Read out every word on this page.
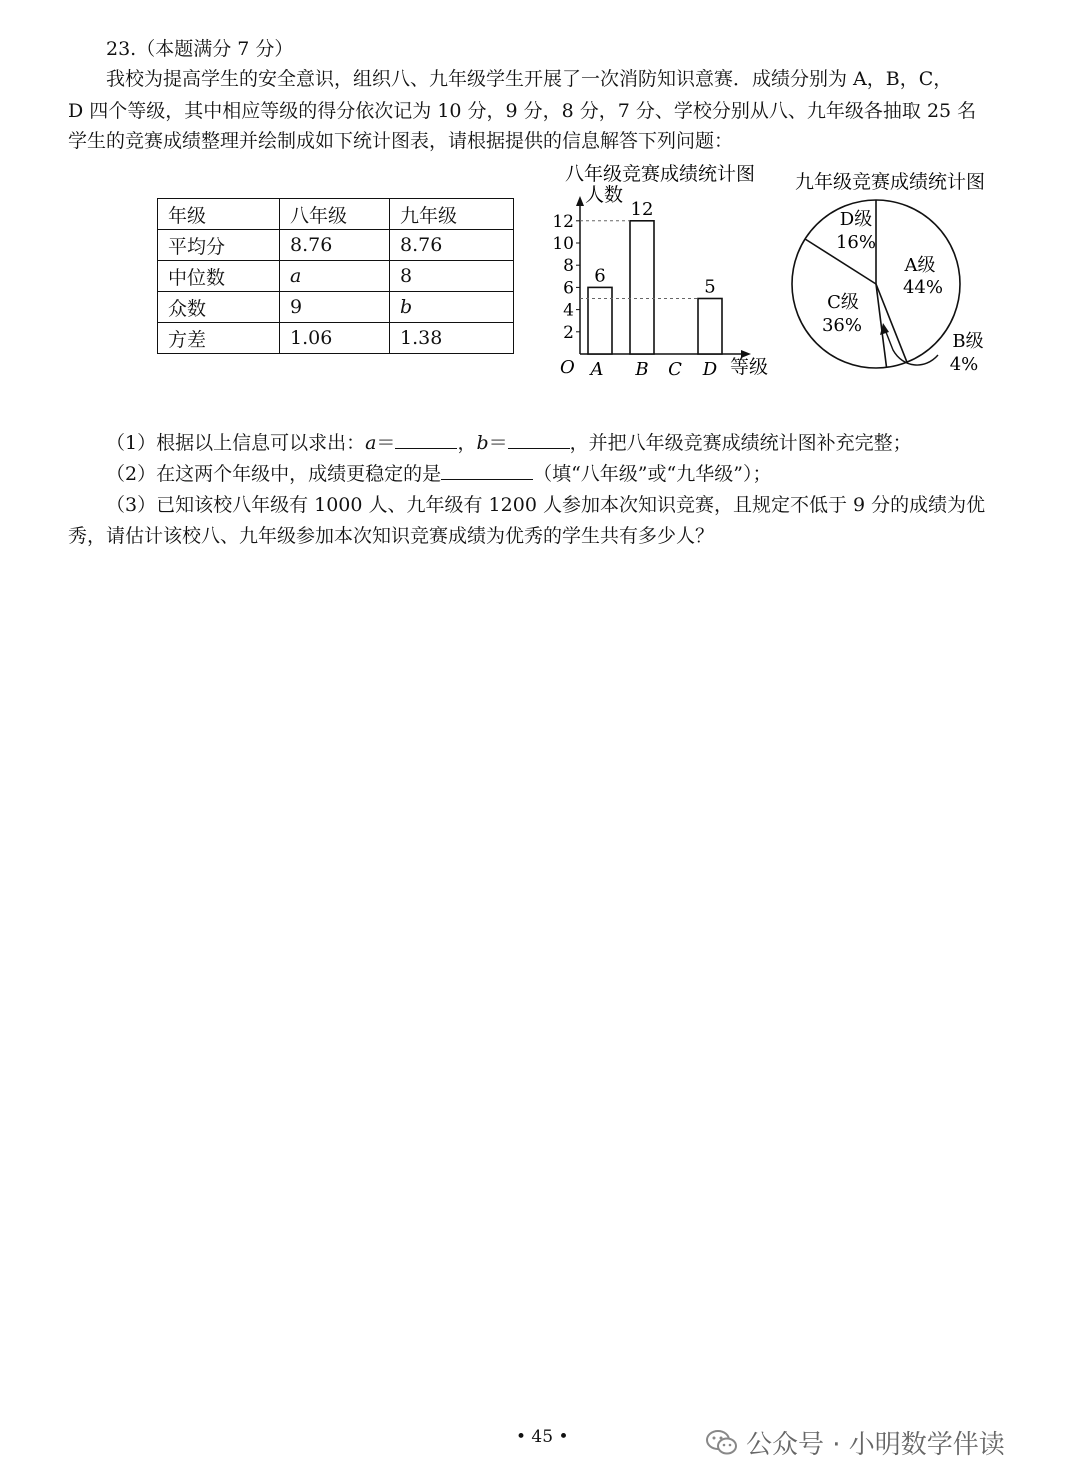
23.（本题满分 7 分）
我校为提高学生的安全意识，组织八、九年级学生开展了一次消防知识意赛．成绩分别为 A，B，C，
D 四个等级，其中相应等级的得分依次记为 10 分，9 分，8 分，7 分、学校分别从八、九年级各抽取 25 名
学生的竞赛成绩整理并绘制成如下统计图表，请根据提供的信息解答下列问题：
年级	八年级	九年级
平均分	8.76	8.76
中位数	a	8
众数	9	b
方差	1.06	1.38
八年级竞赛成绩统计图
人数
等级
O
2
4
6
8
10
12
A
6
B
12
C D
5
九年级竞赛成绩统计图
A级
44%
B级
4%
C级
36%
D级
16%
（1）根据以上信息可以求出：a＝	，b＝	，并把八年级竞赛成绩统计图补充完整；
（2）在这两个年级中，成绩更稳定的是	（填“八年级”或“九华级”）；
（3）已知该校八年级有 1000 人、九年级有 1200 人参加本次知识竞赛，且规定不低于 9 分的成绩为优
秀，请估计该校八、九年级参加本次知识竞赛成绩为优秀的学生共有多少人？
• 45 •	公众号 · 小明数学伴读
